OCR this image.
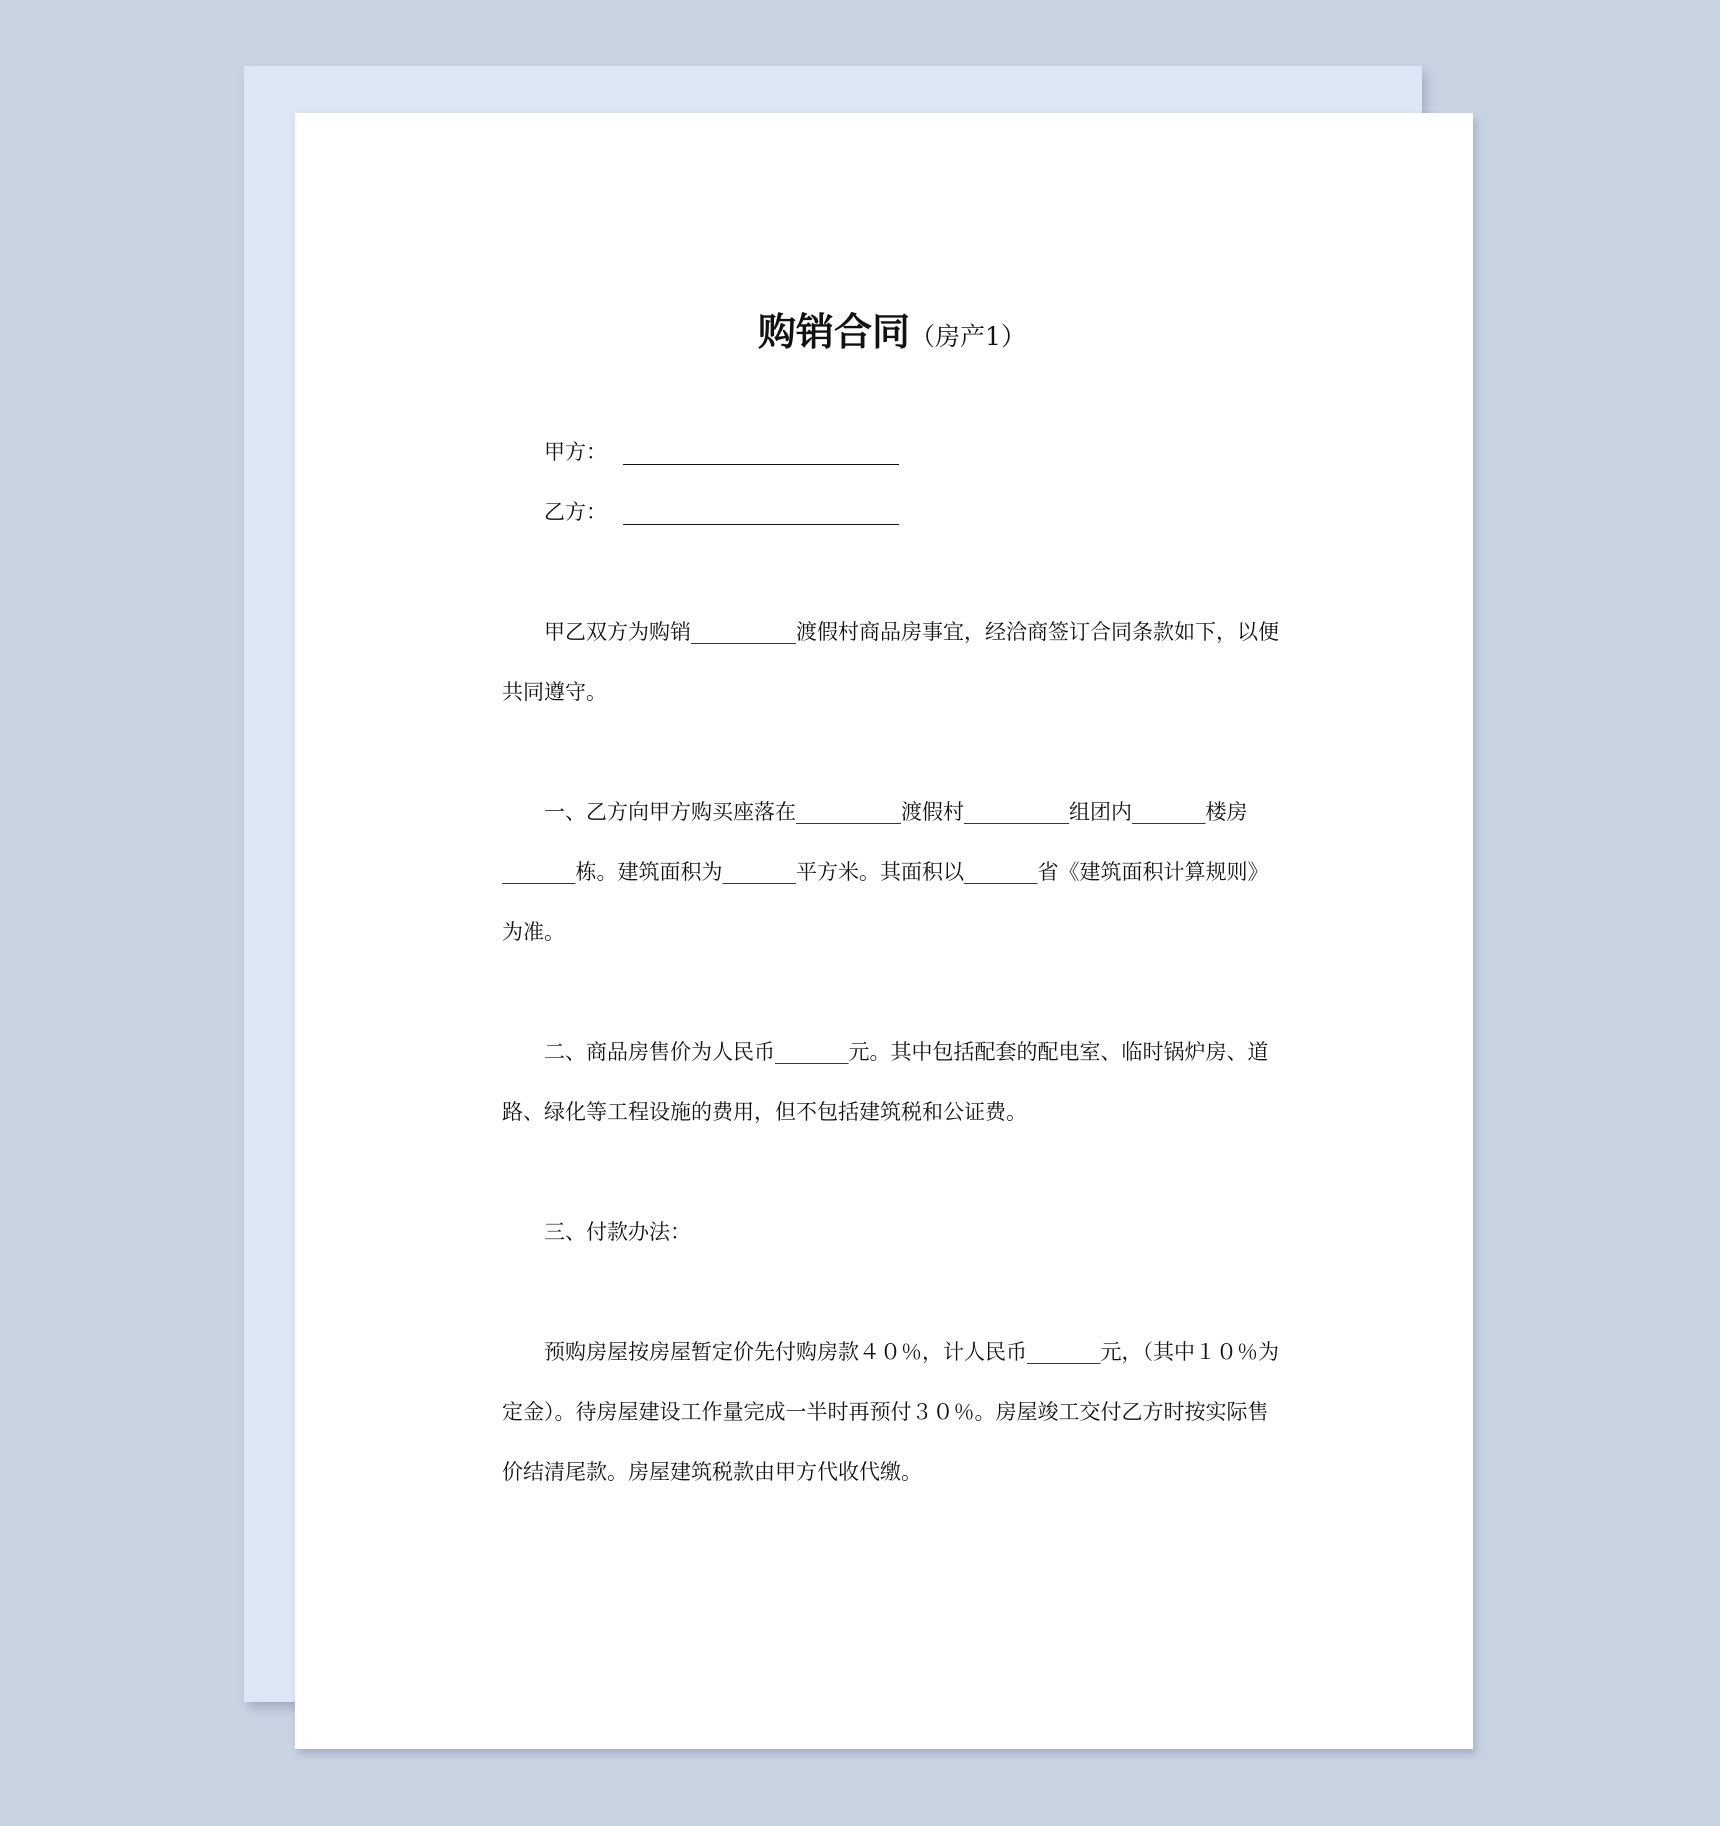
购销合同（房产1）
甲方：
乙方：

甲乙双方为购销__________渡假村商品房事宜，经洽商签订合同条款如下，以便共同遵守。

一、乙方向甲方购买座落在__________渡假村__________组团内_______楼房_______栋。建筑面积为_______平方米。其面积以_______省《建筑面积计算规则》为准。

二、商品房售价为人民币_______元。其中包括配套的配电室、临时锅炉房、道路、绿化等工程设施的费用，但不包括建筑税和公证费。

三、付款办法：

预购房屋按房屋暂定价先付购房款４０％，计人民币_______元，（其中１０％为定金）。待房屋建设工作量完成一半时再预付３０％。房屋竣工交付乙方时按实际售价结清尾款。房屋建筑税款由甲方代收代缴。
